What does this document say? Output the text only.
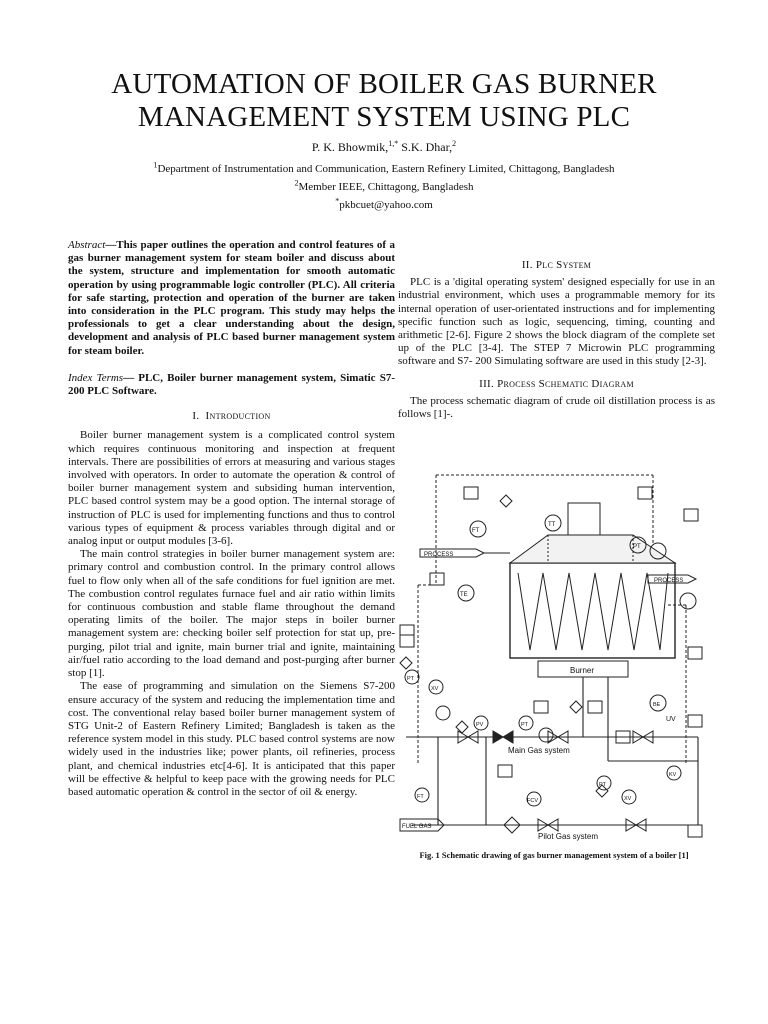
AUTOMATION OF BOILER GAS BURNER
MANAGEMENT SYSTEM USING PLC
P. K. Bhowmik,$^{1,*}$ S.K. Dhar,$^2$
$^1$Department of Instrumentation and Communication, Eastern Refinery Limited, Chittagong, Bangladesh
$^2$Member IEEE, Chittagong, Bangladesh
*pkbcuet@yahoo.com

Abstract—This paper outlines the operation and control features of a gas burner management system for steam boiler and discuss about the system, structure and implementation for smooth automatic operation by using programmable logic controller (PLC). All criteria for safe starting, protection and operation of the burner are taken into consideration in the PLC program. This study may helps the professionals to get a clear understanding about the design, development and analysis of PLC based burner management system for steam boiler.

Index Terms— PLC, Boiler burner management system, Simatic S7-200 PLC Software.

I. Introduction

Boiler burner management system is a complicated control system which requires continuous monitoring and inspection at frequent intervals. There are possibilities of errors at measuring and various stages involved with operators. In order to automate the operation & control of boiler burner management system and subsiding human intervention, PLC based control system may be a good option. The internal storage of instruction of PLC is used for implementing functions and thus to control various types of equipment & process variables through digital and or analog input or output modules [3-6].

The main control strategies in boiler burner management system are: primary control and combustion control. In the primary control allows fuel to flow only when all of the safe conditions for fuel ignition are met. The combustion control regulates furnace fuel and air ratio within limits for continuous combustion and stable flame throughout the demand operating limits of the boiler. The major steps in boiler burner management system are: checking boiler self protection for stat up, pre-purging, pilot trial and ignite, main burner trial and ignite, maintaining air/fuel ratio according to the load demand and post-purging after burner stop [1].

The ease of programming and simulation on the Siemens S7-200 ensure accuracy of the system and reducing the implementation time and cost. The conventional relay based boiler burner management system of STG Unit-2 of Eastern Refinery Limited; Bangladesh is taken as the reference system model in this study. PLC based control systems are now widely used in the industries like; power plants, oil refineries, process plant, and chemical industries etc[4-6]. It is anticipated that this paper will be effective & helpful to keep pace with the growing needs for PLC based automatic operation & control in the sector of oil & energy.

II. Plc System

PLC is a 'digital operating system' designed especially for use in an industrial environment, which uses a programmable memory for its internal operation of user-orientated instructions and for implementing specific function such as logic, sequencing, timing, counting and arithmetic [2-6]. Figure 2 shows the block diagram of the complete set up of the PLC [3-4]. The STEP 7 Microwin PLC programming software and S7- 200 Simulating software are used in this study [2-3].

III. Process Schematic Diagram

The process schematic diagram of crude oil distillation process is as follows [1]-.

Burner
PROCESS
PROCESS
FT
TT
PT
TE
PT
XV
PV	PT
BE
PT
XV
KV
FCV
FT
FUEL GAS
UV
Main Gas system
Pilot Gas system
Fig. 1 Schematic drawing of gas burner management system of a boiler [1]
